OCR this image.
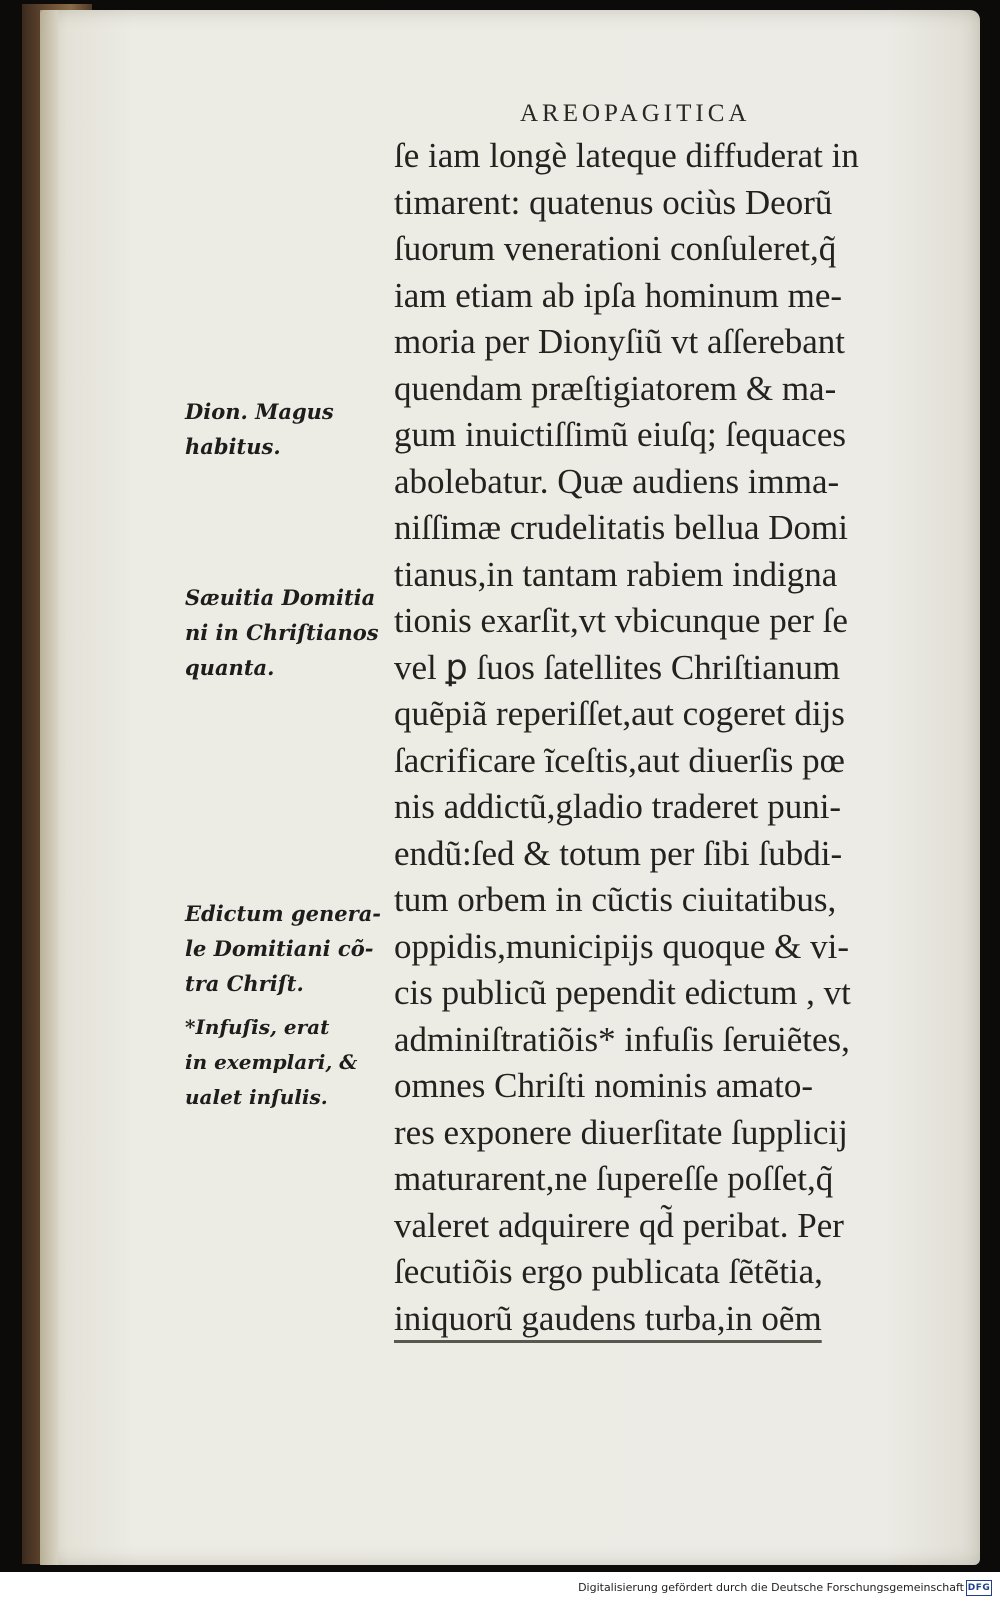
AREOPAGITICA
ſe iam longè lateque diffuderat in
timarent: quatenus ociùs Deorũ
ſuorum venerationi conſuleret,q̃
iam etiam ab ipſa hominum me-
moria per Dionyſiũ vt aſſerebant
quendam præſtigiatorem & ma-
gum inuictiſſimũ eiuſq; ſequaces
abolebatur. Quæ audiens imma-
niſſimæ crudelitatis bellua Domi
tianus,in tantam rabiem indigna
tionis exarſit,vt vbicunque per ſe
vel ꝑ ſuos ſatellites Chriſtianum
quẽpiã reperiſſet,aut cogeret dijs
ſacrificare ĩceſtis,aut diuerſis pœ
nis addictũ,gladio traderet puni-
endũ:ſed & totum per ſibi ſubdi-
tum orbem in cũctis ciuitatibus,
oppidis,municipijs quoque & vi-
cis publicũ pependit edictum , vt
adminiſtratiõis* infuſis ſeruiẽtes,
omnes Chriſti nominis amato-
res exponere diuerſitate ſupplicij
maturarent,ne ſupereſſe poſſet,q̃
valeret adquirere qd̃ peribat. Per
ſecutiõis ergo publicata ſẽtẽtia,
iniquorũ gaudens turba,in oẽm
Dion. Magus
habitus.
Sæuitia Domitia
ni in Chriſtianos
quanta.
Edictum genera-
le Domitiani cõ-
tra Chriſt.
*Infuſis, erat
in exemplari, &
ualet inſulis.
Digitalisierung gefördert durch die Deutsche Forschungsgemeinschaft DFG
